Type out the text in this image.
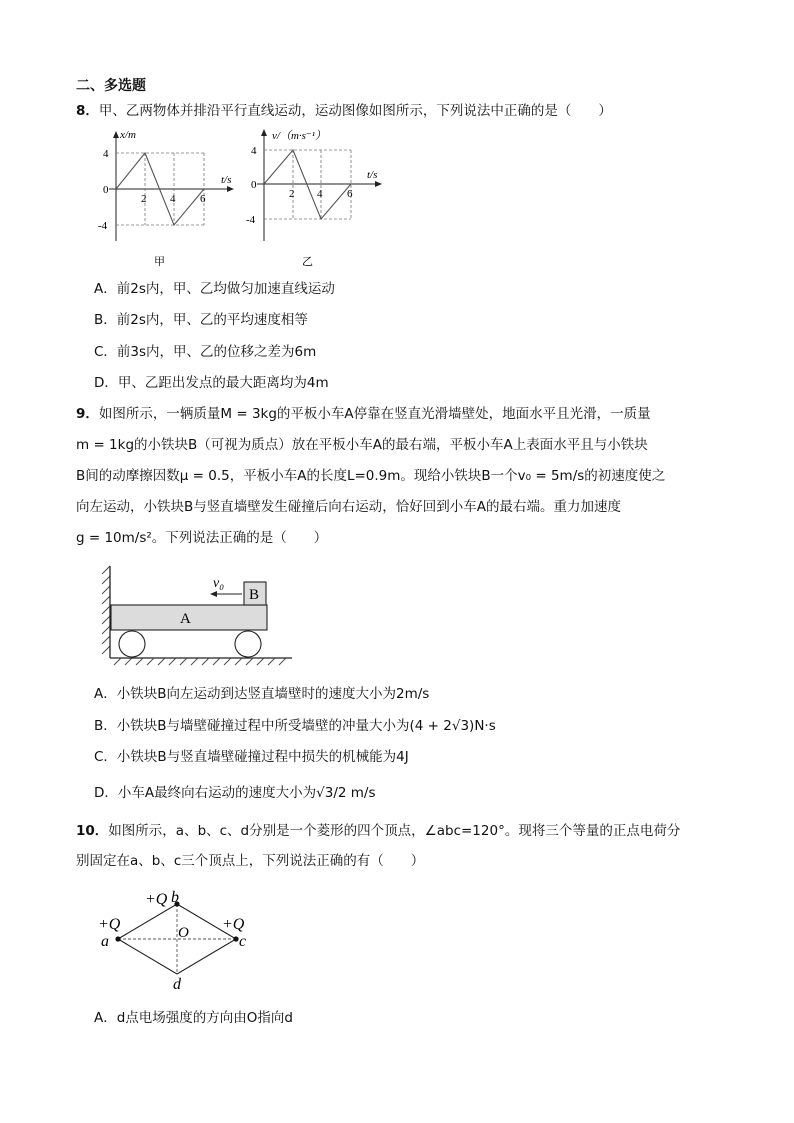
二、多选题
8．甲、乙两物体并排沿平行直线运动，运动图像如图所示，下列说法中正确的是（　　）
x/m
t/s
4
0
-4
2 4 6
甲
v/（m·s⁻¹）
t/s
4
0
-4
2 4 6
乙
A．前2s内，甲、乙均做匀加速直线运动
B．前2s内，甲、乙的平均速度相等
C．前3s内，甲、乙的位移之差为6m
D．甲、乙距出发点的最大距离均为4m
9．如图所示，一辆质量M = 3kg的平板小车A停靠在竖直光滑墙壁处，地面水平且光滑，一质量
m = 1kg的小铁块B（可视为质点）放在平板小车A的最右端，平板小车A上表面水平且与小铁块
B间的动摩擦因数μ = 0.5，平板小车A的长度L=0.9m。现给小铁块B一个v₀ = 5m/s的初速度使之
向左运动，小铁块B与竖直墙壁发生碰撞后向右运动，恰好回到小车A的最右端。重力加速度
g = 10m/s²。下列说法正确的是（　　）
A
B
v₀
A．小铁块B向左运动到达竖直墙壁时的速度大小为2m/s
B．小铁块B与墙壁碰撞过程中所受墙壁的冲量大小为(4 + 2√3)N·s
C．小铁块B与竖直墙壁碰撞过程中损失的机械能为4J
D．小车A最终向右运动的速度大小为√3/2 m/s
10．如图所示，a、b、c、d分别是一个菱形的四个顶点，∠abc=120°。现将三个等量的正点电荷分
别固定在a、b、c三个顶点上，下列说法正确的有（　　）
+Q
a
+Q b
+Q
c
O
d
A．d点电场强度的方向由O指向d
